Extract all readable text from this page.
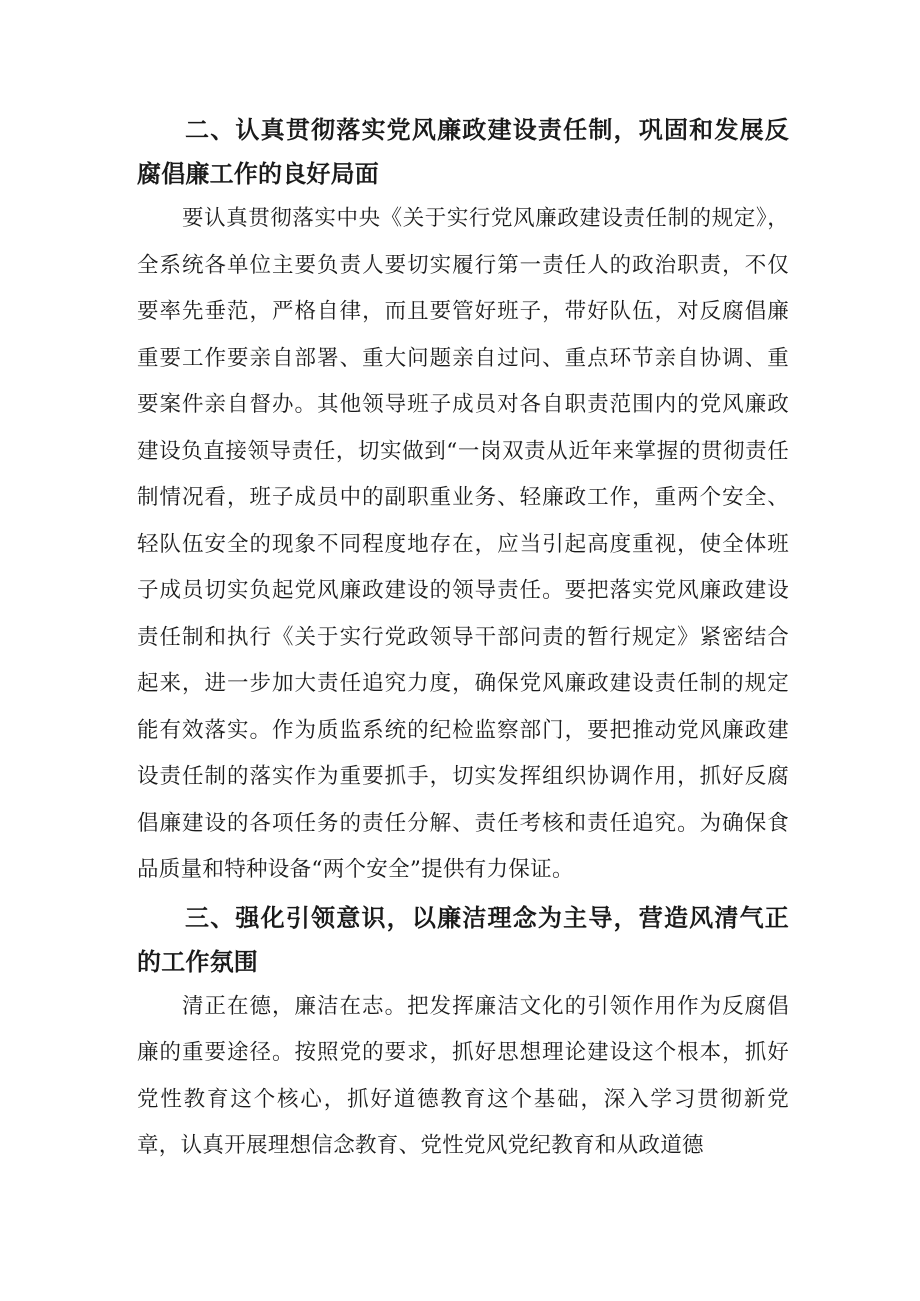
二、认真贯彻落实党风廉政建设责任制，巩固和发展反腐倡廉工作的良好局面

要认真贯彻落实中央《关于实行党风廉政建设责任制的规定》，全系统各单位主要负责人要切实履行第一责任人的政治职责，不仅要率先垂范，严格自律，而且要管好班子，带好队伍，对反腐倡廉重要工作要亲自部署、重大问题亲自过问、重点环节亲自协调、重要案件亲自督办。其他领导班子成员对各自职责范围内的党风廉政建设负直接领导责任，切实做到“一岗双责从近年来掌握的贯彻责任制情况看，班子成员中的副职重业务、轻廉政工作，重两个安全、轻队伍安全的现象不同程度地存在，应当引起高度重视，使全体班子成员切实负起党风廉政建设的领导责任。要把落实党风廉政建设责任制和执行《关于实行党政领导干部问责的暂行规定》紧密结合起来，进一步加大责任追究力度，确保党风廉政建设责任制的规定能有效落实。作为质监系统的纪检监察部门，要把推动党风廉政建设责任制的落实作为重要抓手，切实发挥组织协调作用，抓好反腐倡廉建设的各项任务的责任分解、责任考核和责任追究。为确保食品质量和特种设备“两个安全”提供有力保证。

三、强化引领意识，以廉洁理念为主导，营造风清气正的工作氛围

清正在德，廉洁在志。把发挥廉洁文化的引领作用作为反腐倡廉的重要途径。按照党的要求，抓好思想理论建设这个根本，抓好党性教育这个核心，抓好道德教育这个基础，深入学习贯彻新党章，认真开展理想信念教育、党性党风党纪教育和从政道德
